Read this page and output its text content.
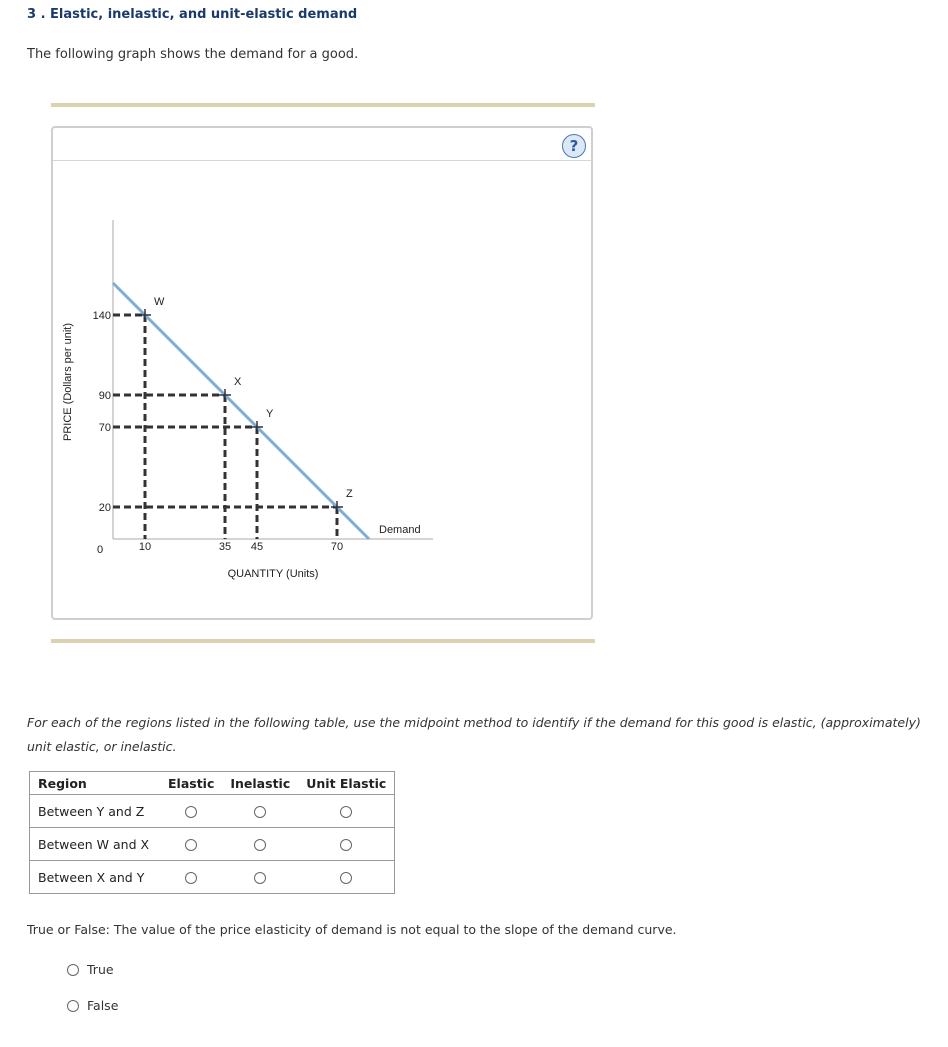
3 . Elastic, inelastic, and unit-elastic demand
The following graph shows the demand for a good.
?
PRICE (Dollars per unit)
QUANTITY (Units)
0
Demand
W
10
140
X
35
90
Y
45
70
Z
70
20
For each of the regions listed in the following table, use the midpoint method to identify if the demand for this good is elastic, (approximately) unit elastic, or inelastic.
Region	Elastic	Inelastic	Unit Elastic
Between Y and Z			
Between W and X			
Between X and Y			
True or False: The value of the price elasticity of demand is not equal to the slope of the demand curve.
True
False
